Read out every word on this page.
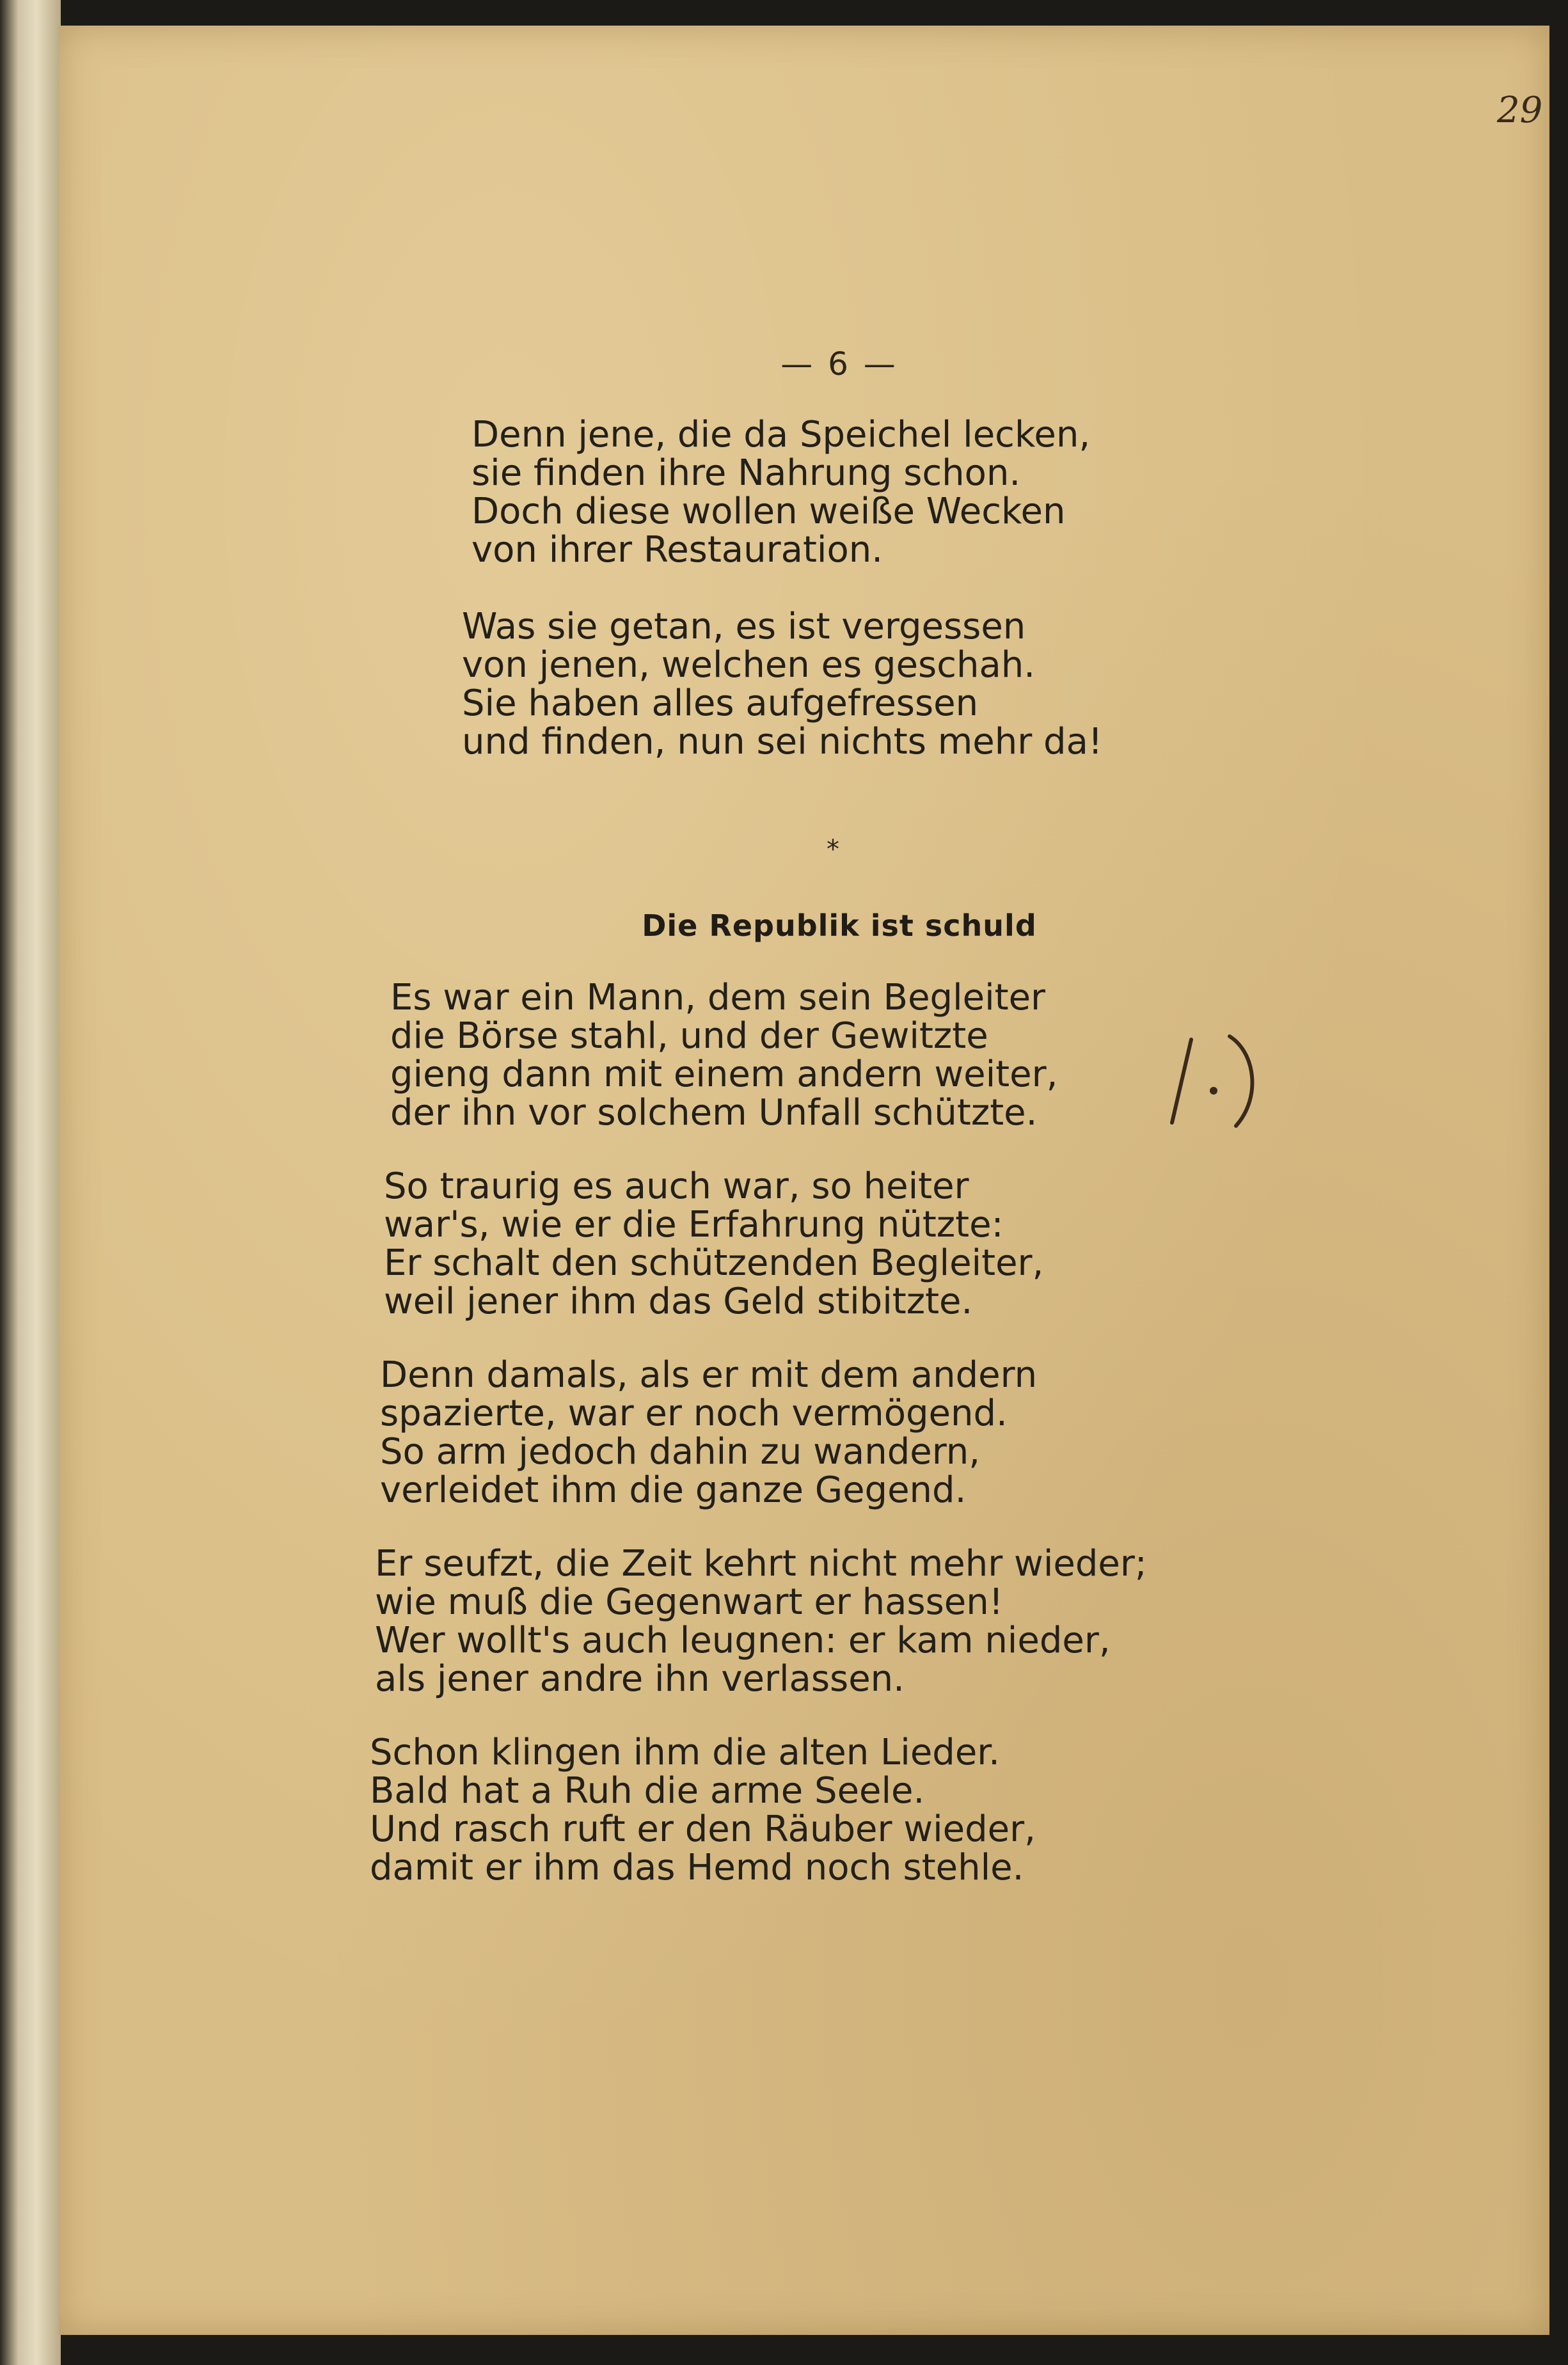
29
— 6 —
Denn jene, die da Speichel lecken,
sie finden ihre Nahrung schon.
Doch diese wollen weiße Wecken
von ihrer Restauration.
Was sie getan, es ist vergessen
von jenen, welchen es geschah.
Sie haben alles aufgefressen
und finden, nun sei nichts mehr da!
*
Die Republik ist schuld
Es war ein Mann, dem sein Begleiter
die Börse stahl, und der Gewitzte
gieng dann mit einem andern weiter,
der ihn vor solchem Unfall schützte.
So traurig es auch war, so heiter
war's, wie er die Erfahrung nützte:
Er schalt den schützenden Begleiter,
weil jener ihm das Geld stibitzte.
Denn damals, als er mit dem andern
spazierte, war er noch vermögend.
So arm jedoch dahin zu wandern,
verleidet ihm die ganze Gegend.
Er seufzt, die Zeit kehrt nicht mehr wieder;
wie muß die Gegenwart er hassen!
Wer wollt's auch leugnen: er kam nieder,
als jener andre ihn verlassen.
Schon klingen ihm die alten Lieder.
Bald hat a Ruh die arme Seele.
Und rasch ruft er den Räuber wieder,
damit er ihm das Hemd noch stehle.
